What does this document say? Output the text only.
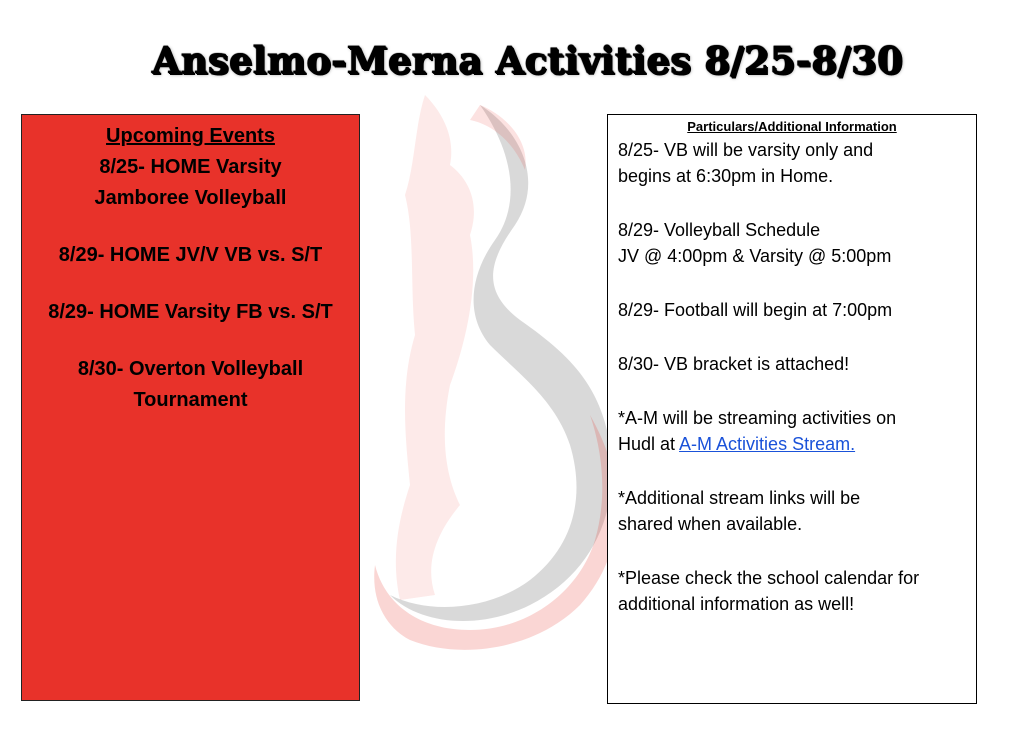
Anselmo-Merna Activities 8/25-8/30
Upcoming Events
8/25- HOME Varsity
Jamboree Volleyball
8/29- HOME JV/V VB vs. S/T
8/29- HOME Varsity FB vs. S/T
8/30- Overton Volleyball
Tournament
Particulars/Additional Information
8/25- VB will be varsity only and
begins at 6:30pm in Home.
8/29- Volleyball Schedule
JV @ 4:00pm & Varsity @ 5:00pm
8/29- Football will begin at 7:00pm
8/30- VB bracket is attached!
*A-M will be streaming activities on
Hudl at A-M Activities Stream.
*Additional stream links will be
shared when available.
*Please check the school calendar for
additional information as well!
